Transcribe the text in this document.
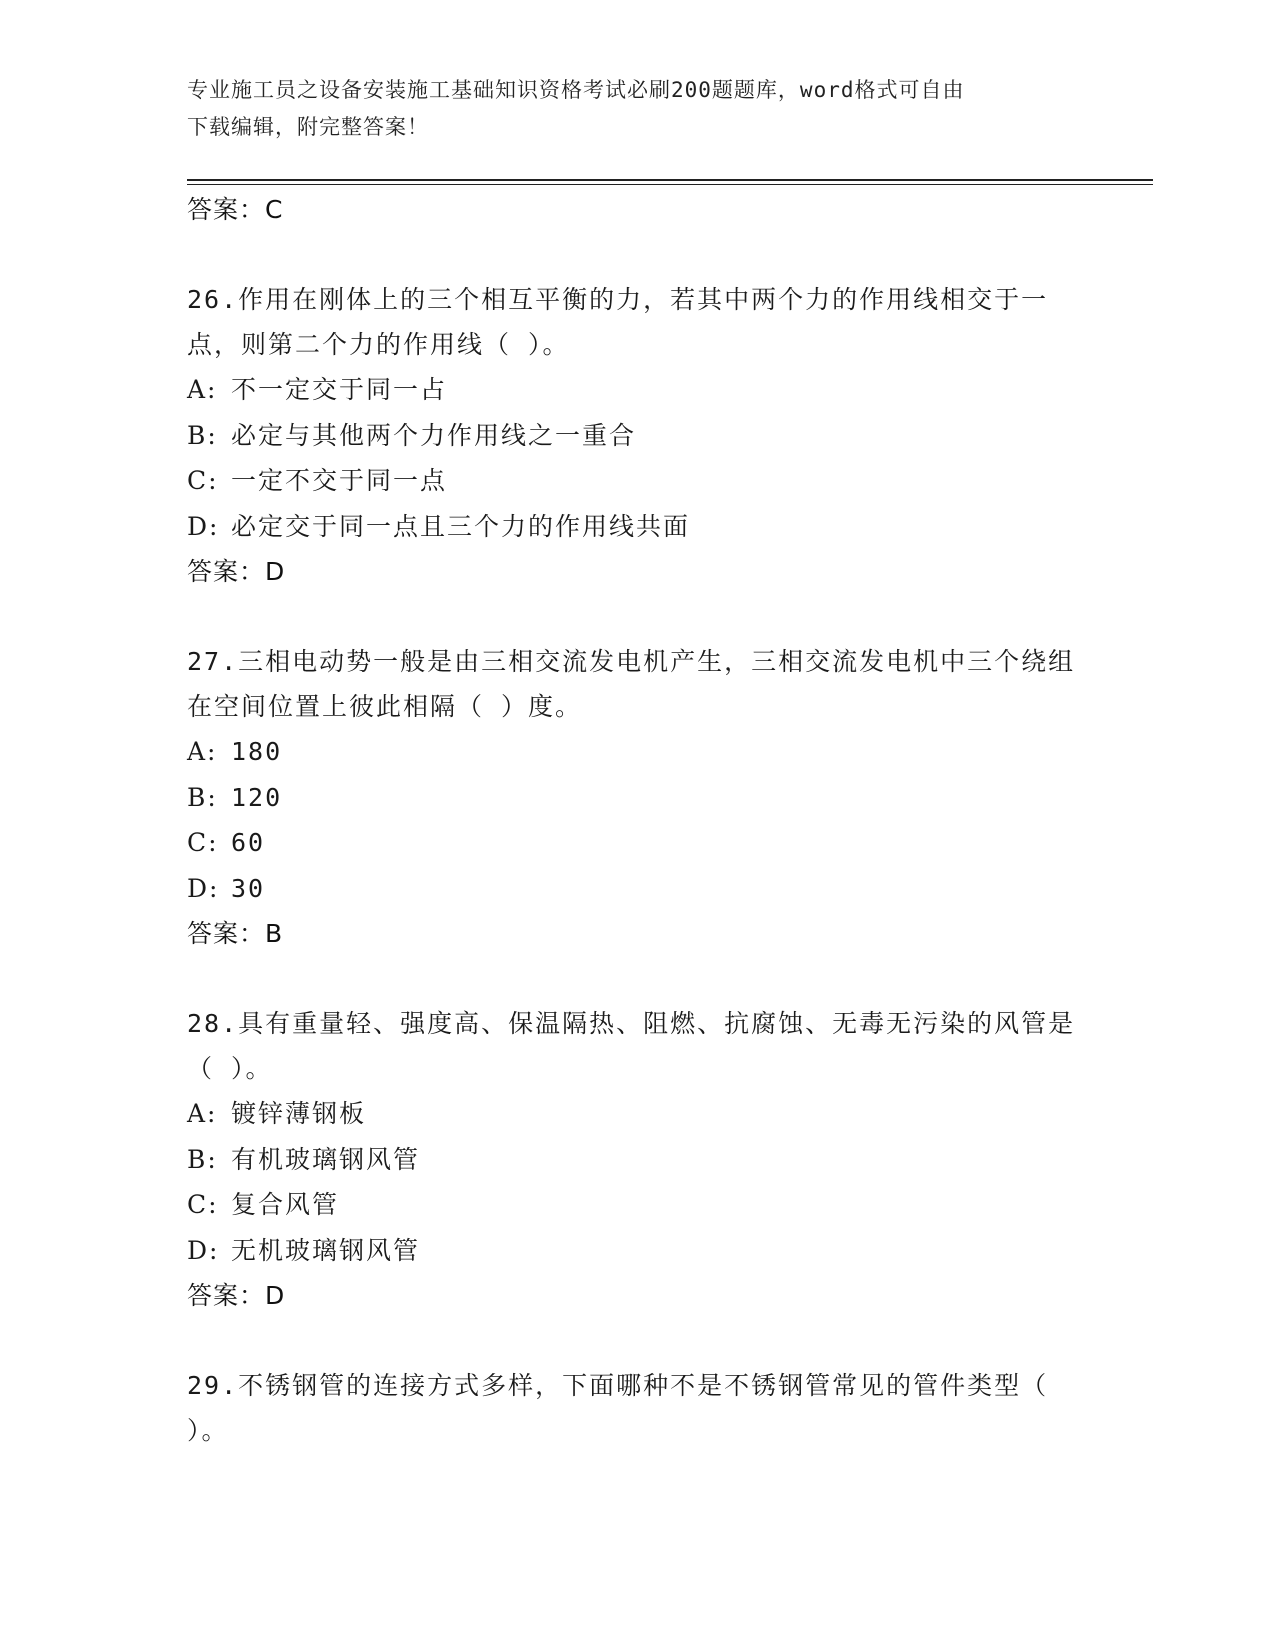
专业施工员之设备安装施工基础知识资格考试必刷200题题库，word格式可自由
下载编辑，附完整答案！
答案：C

26.作用在刚体上的三个相互平衡的力，若其中两个力的作用线相交于一点，则第二个力的作用线（ ）。

A: 不一定交于同一占
B: 必定与其他两个力作用线之一重合
C: 一定不交于同一点
D: 必定交于同一点且三个力的作用线共面
答案：D

27.三相电动势一般是由三相交流发电机产生，三相交流发电机中三个绕组在空间位置上彼此相隔（ ）度。

A: 180
B: 120
C: 60
D: 30
答案：B

28.具有重量轻、强度高、保温隔热、阻燃、抗腐蚀、无毒无污染的风管是（ ）。

A: 镀锌薄钢板
B: 有机玻璃钢风管
C: 复合风管
D: 无机玻璃钢风管
答案：D

29.不锈钢管的连接方式多样，下面哪种不是不锈钢管常见的管件类型（ ）。
